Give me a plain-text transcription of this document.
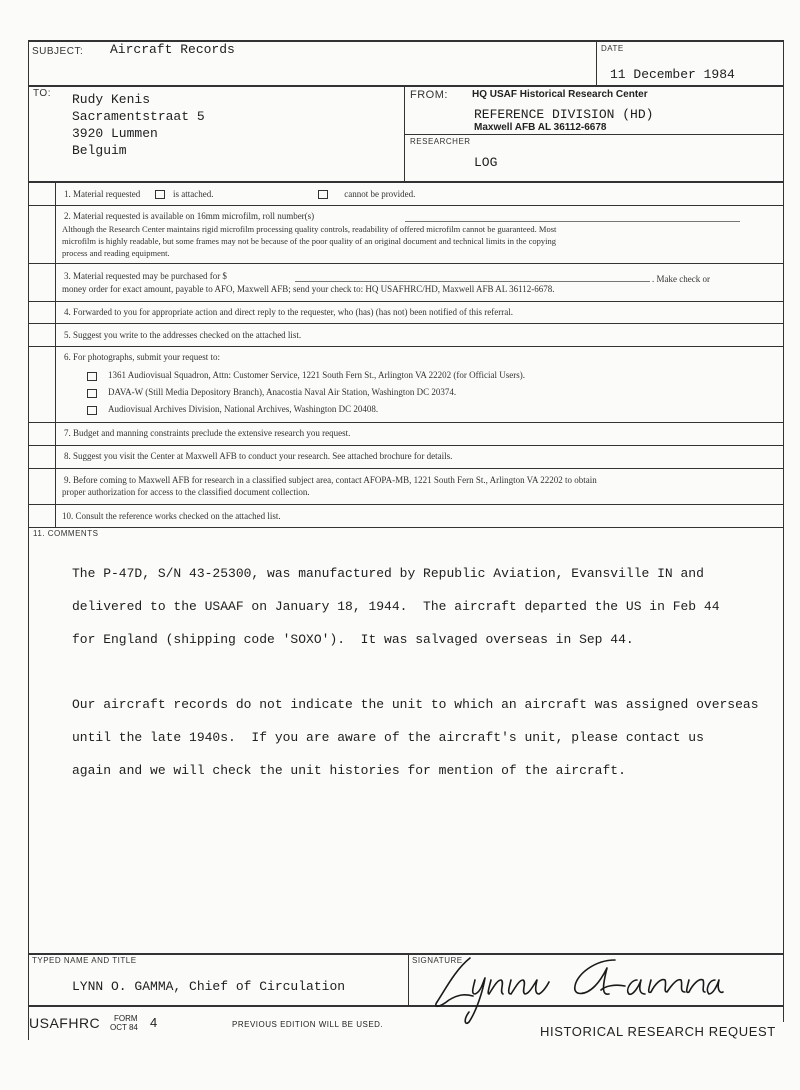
SUBJECT: Aircraft Records	DATE
11 December 1984
TO: Rudy Kenis
Sacramentstraat 5
3920 Lummen
Belguim
FROM: HQ USAF Historical Research Center
REFERENCE DIVISION (HD)
Maxwell AFB AL 36112-6678
RESEARCHER
LOG
1. Material requested	is attached.	cannot be provided.
2. Material requested is available on 16mm microfilm, roll number(s)
Although the Research Center maintains rigid microfilm processing quality controls, readability of offered microfilm cannot be guaranteed. Most
microfilm is highly readable, but some frames may not be because of the poor quality of an original document and technical limits in the copying
process and reading equipment.
3. Material requested may be purchased for $	. Make check or
money order for exact amount, payable to AFO, Maxwell AFB; send your check to: HQ USAFHRC/HD, Maxwell AFB AL 36112-6678.
4. Forwarded to you for appropriate action and direct reply to the requester, who (has) (has not) been notified of this referral.
5. Suggest you write to the addresses checked on the attached list.
6. For photographs, submit your request to:
1361 Audiovisual Squadron, Attn: Customer Service, 1221 South Fern St., Arlington VA 22202 (for Official Users).
DAVA-W (Still Media Depository Branch), Anacostia Naval Air Station, Washington DC 20374.
Audiovisual Archives Division, National Archives, Washington DC 20408.
7. Budget and manning constraints preclude the extensive research you request.
8. Suggest you visit the Center at Maxwell AFB to conduct your research. See attached brochure for details.
9. Before coming to Maxwell AFB for research in a classified subject area, contact AFOPA-MB, 1221 South Fern St., Arlington VA 22202 to obtain
proper authorization for access to the classified document collection.
10. Consult the reference works checked on the attached list.
11. COMMENTS

The P-47D, S/N 43-25300, was manufactured by Republic Aviation, Evansville IN and

delivered to the USAAF on January 18, 1944.  The aircraft departed the US in Feb 44

for England (shipping code 'SOXO').  It was salvaged overseas in Sep 44.

Our aircraft records do not indicate the unit to which an aircraft was assigned overseas

until the late 1940s.  If you are aware of the aircraft's unit, please contact us

again and we will check the unit histories for mention of the aircraft.

TYPED NAME AND TITLE
LYNN O. GAMMA, Chief of Circulation
SIGNATURE
USAFHRC FORM
OCT 84 4	PREVIOUS EDITION WILL BE USED.	HISTORICAL RESEARCH REQUEST
